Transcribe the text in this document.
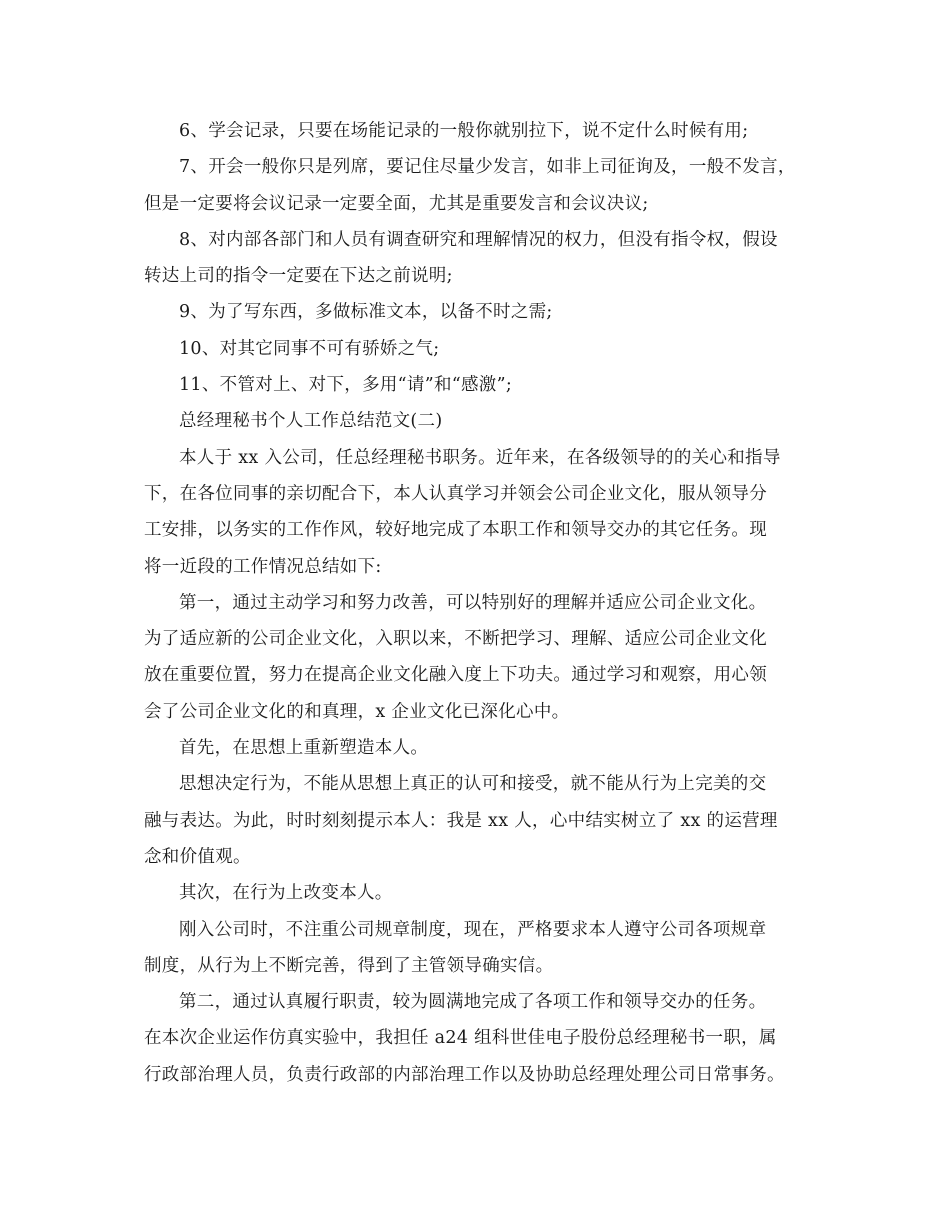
6、学会记录，只要在场能记录的一般你就别拉下，说不定什么时候有用;
7、开会一般你只是列席，要记住尽量少发言，如非上司征询及，一般不发言，
但是一定要将会议记录一定要全面，尤其是重要发言和会议决议;
8、对内部各部门和人员有调查研究和理解情况的权力，但没有指令权，假设
转达上司的指令一定要在下达之前说明;
9、为了写东西，多做标准文本，以备不时之需;
10、对其它同事不可有骄娇之气;
11、不管对上、对下，多用“请”和“感激”;
总经理秘书个人工作总结范文(二)
本人于 xx 入公司，任总经理秘书职务。近年来，在各级领导的的关心和指导
下，在各位同事的亲切配合下，本人认真学习并领会公司企业文化，服从领导分
工安排，以务实的工作作风，较好地完成了本职工作和领导交办的其它任务。现
将一近段的工作情况总结如下:
第一，通过主动学习和努力改善，可以特别好的理解并适应公司企业文化。
为了适应新的公司企业文化，入职以来，不断把学习、理解、适应公司企业文化
放在重要位置，努力在提高企业文化融入度上下功夫。通过学习和观察，用心领
会了公司企业文化的和真理，x 企业文化已深化心中。
首先，在思想上重新塑造本人。
思想决定行为，不能从思想上真正的认可和接受，就不能从行为上完美的交
融与表达。为此，时时刻刻提示本人：我是 xx 人，心中结实树立了 xx 的运营理
念和价值观。
其次，在行为上改变本人。
刚入公司时，不注重公司规章制度，现在，严格要求本人遵守公司各项规章
制度，从行为上不断完善，得到了主管领导确实信。
第二，通过认真履行职责，较为圆满地完成了各项工作和领导交办的任务。
在本次企业运作仿真实验中，我担任 a24 组科世佳电子股份总经理秘书一职，属
行政部治理人员，负责行政部的内部治理工作以及协助总经理处理公司日常事务。
